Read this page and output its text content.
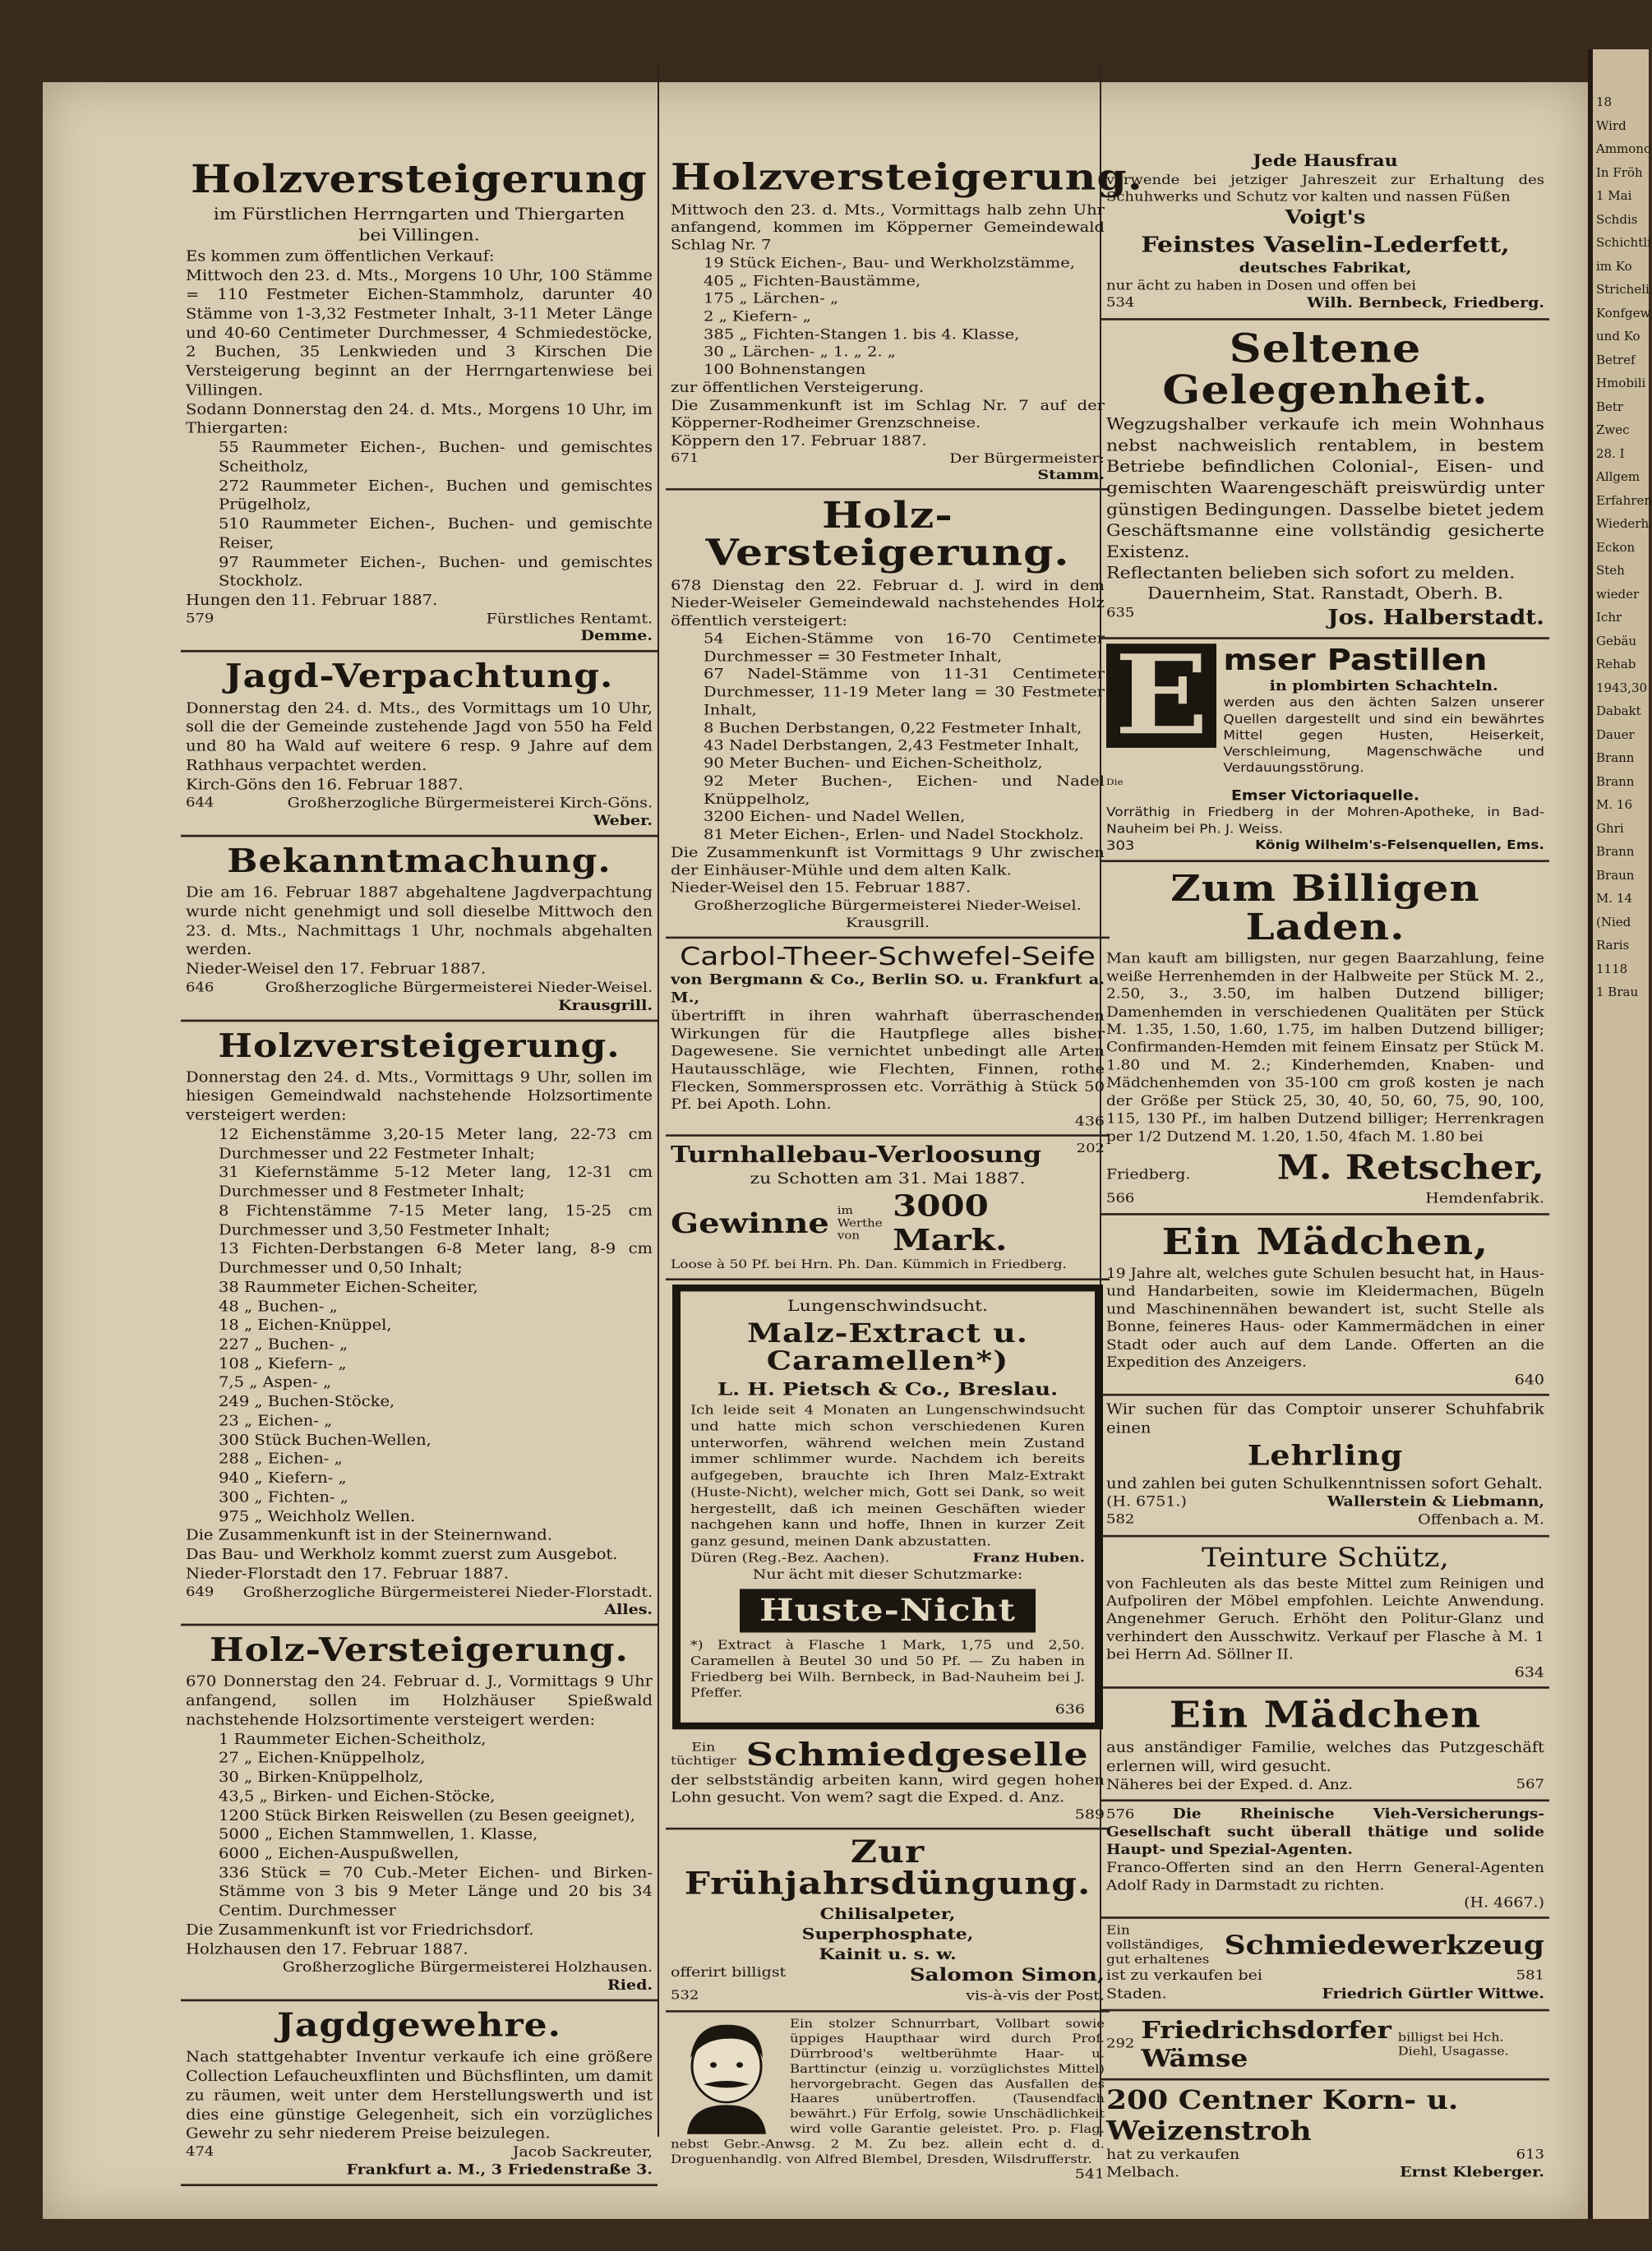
18
Wird
Ammonc
In Fröh
1 Mai
Schdis
Schichtli
im Ko
Stricheli
Konfgew
und Ko
Betref
Hmobili
Betr
Zwec
28. I
Allgem
Erfahren
Wiederh
Eckon
Steh
wieder
Ichr
Gebäu
Rehab
1943,30
Dabakt
Dauer
Brann
Brann
M. 16
Ghri
Brann
Braun
M. 14
(Nied
Raris
1118
1 Brau
Holzversteigerung
im Fürstlichen Herrngarten und Thiergarten
bei Villingen.
Es kommen zum öffentlichen Verkauf:
Mittwoch den 23. d. Mts., Morgens 10 Uhr, 100 Stämme = 110 Festmeter Eichen-Stammholz, darunter 40 Stämme von 1-3,32 Festmeter Inhalt, 3-11 Meter Länge und 40-60 Centimeter Durchmesser, 4 Schmiedestöcke, 2 Buchen, 35 Lenkwieden und 3 Kirschen Die Versteigerung beginnt an der Herrngartenwiese bei Villingen.
Sodann Donnerstag den 24. d. Mts., Morgens 10 Uhr, im Thiergarten:
55 Raummeter Eichen-, Buchen- und gemischtes Scheitholz,
272 Raummeter Eichen-, Buchen und gemischtes Prügelholz,
510 Raummeter Eichen-, Buchen- und gemischte Reiser,
97 Raummeter Eichen-, Buchen- und gemischtes Stockholz.
Hungen den 11. Februar 1887.
579	Fürstliches Rentamt.
Demme.
Jagd-Verpachtung.
Donnerstag den 24. d. Mts., des Vormittags um 10 Uhr, soll die der Gemeinde zustehende Jagd von 550 ha Feld und 80 ha Wald auf weitere 6 resp. 9 Jahre auf dem Rathhaus verpachtet werden.
Kirch-Göns den 16. Februar 1887.
644	Großherzogliche Bürgermeisterei Kirch-Göns.
Weber.
Bekanntmachung.
Die am 16. Februar 1887 abgehaltene Jagdverpachtung wurde nicht genehmigt und soll dieselbe Mittwoch den 23. d. Mts., Nachmittags 1 Uhr, nochmals abgehalten werden.
Nieder-Weisel den 17. Februar 1887.
646	Großherzogliche Bürgermeisterei Nieder-Weisel.
Krausgrill.
Holzversteigerung.
Donnerstag den 24. d. Mts., Vormittags 9 Uhr, sollen im hiesigen Gemeindwald nachstehende Holzsortimente versteigert werden:
12 Eichenstämme 3,20-15 Meter lang, 22-73 cm Durchmesser und 22 Festmeter Inhalt;
31 Kiefernstämme 5-12 Meter lang, 12-31 cm Durchmesser und 8 Festmeter Inhalt;
8 Fichtenstämme 7-15 Meter lang, 15-25 cm Durchmesser und 3,50 Festmeter Inhalt;
13 Fichten-Derbstangen 6-8 Meter lang, 8-9 cm Durchmesser und 0,50 Inhalt;
38 Raummeter Eichen-Scheiter,
48 „ Buchen- „
18 „ Eichen-Knüppel,
227 „ Buchen- „
108 „ Kiefern- „
7,5 „ Aspen- „
249 „ Buchen-Stöcke,
23 „ Eichen- „
300 Stück Buchen-Wellen,
288 „ Eichen- „
940 „ Kiefern- „
300 „ Fichten- „
975 „ Weichholz Wellen.
Die Zusammenkunft ist in der Steinernwand.
Das Bau- und Werkholz kommt zuerst zum Ausgebot.
Nieder-Florstadt den 17. Februar 1887.
649 Großherzogliche Bürgermeisterei Nieder-Florstadt.
Alles.
Holz-Versteigerung.
670 Donnerstag den 24. Februar d. J., Vormittags 9 Uhr anfangend, sollen im Holzhäuser Spießwald nachstehende Holzsortimente versteigert werden:
1 Raummeter Eichen-Scheitholz,
27 „ Eichen-Knüppelholz,
30 „ Birken-Knüppelholz,
43,5 „ Birken- und Eichen-Stöcke,
1200 Stück Birken Reiswellen (zu Besen geeignet),
5000 „ Eichen Stammwellen, 1. Klasse,
6000 „ Eichen-Auspußwellen,
336 Stück = 70 Cub.-Meter Eichen- und Birken-Stämme von 3 bis 9 Meter Länge und 20 bis 34 Centim. Durchmesser
Die Zusammenkunft ist vor Friedrichsdorf.
Holzhausen den 17. Februar 1887.
Großherzogliche Bürgermeisterei Holzhausen.
Ried.
Jagdgewehre.
Nach stattgehabter Inventur verkaufe ich eine größere Collection Lefaucheuxflinten und Büchsflinten, um damit zu räumen, weit unter dem Herstellungswerth und ist dies eine günstige Gelegenheit, sich ein vorzügliches Gewehr zu sehr niederem Preise beizulegen.
474	Jacob Sackreuter,
Frankfurt a. M., 3 Friedenstraße 3.
Holzversteigerung.
Mittwoch den 23. d. Mts., Vormittags halb zehn Uhr anfangend, kommen im Köpperner Gemeindewald Schlag Nr. 7
19 Stück Eichen-, Bau- und Werkholzstämme,
405 „ Fichten-Baustämme,
175 „ Lärchen- „
2 „ Kiefern- „
385 „ Fichten-Stangen 1. bis 4. Klasse,
30 „ Lärchen- „ 1. „ 2. „
100 Bohnenstangen
zur öffentlichen Versteigerung.
Die Zusammenkunft ist im Schlag Nr. 7 auf der Köpperner-Rodheimer Grenzschneise.
Köppern den 17. Februar 1887.
671	Der Bürgermeister:
Stamm.
Holz-Versteigerung.
678 Dienstag den 22. Februar d. J. wird in dem Nieder-Weiseler Gemeindewald nachstehendes Holz öffentlich versteigert:
54 Eichen-Stämme von 16-70 Centimeter Durchmesser = 30 Festmeter Inhalt,
67 Nadel-Stämme von 11-31 Centimeter Durchmesser, 11-19 Meter lang = 30 Festmeter Inhalt,
8 Buchen Derbstangen, 0,22 Festmeter Inhalt,
43 Nadel Derbstangen, 2,43 Festmeter Inhalt,
90 Meter Buchen- und Eichen-Scheitholz,
92 Meter Buchen-, Eichen- und Nadel Knüppelholz,
3200 Eichen- und Nadel Wellen,
81 Meter Eichen-, Erlen- und Nadel Stockholz.
Die Zusammenkunft ist Vormittags 9 Uhr zwischen der Einhäuser-Mühle und dem alten Kalk.
Nieder-Weisel den 15. Februar 1887.
Großherzogliche Bürgermeisterei Nieder-Weisel.
Krausgrill.
Carbol-Theer-Schwefel-Seife
von Bergmann & Co., Berlin SO. u. Frankfurt a. M.,
übertrifft in ihren wahrhaft überraschenden Wirkungen für die Hautpflege alles bisher Dagewesene. Sie vernichtet unbedingt alle Arten Hautausschläge, wie Flechten, Finnen, rothe Flecken, Sommersprossen etc. Vorräthig à Stück 50 Pf. bei Apoth. Lohn.
436
Turnhallebau-Verloosung 202
zu Schotten am 31. Mai 1887.
Gewinne im Werthe von
3000 Mark.
Loose à 50 Pf. bei Hrn. Ph. Dan. Kümmich in Friedberg.
Lungenschwindsucht.
Malz-Extract u. Caramellen*)
L. H. Pietsch & Co., Breslau.
Ich leide seit 4 Monaten an Lungenschwindsucht und hatte mich schon verschiedenen Kuren unterworfen, während welchen mein Zustand immer schlimmer wurde. Nachdem ich bereits aufgegeben, brauchte ich Ihren Malz-Extrakt (Huste-Nicht), welcher mich, Gott sei Dank, so weit hergestellt, daß ich meinen Geschäften wieder nachgehen kann und hoffe, Ihnen in kurzer Zeit ganz gesund, meinen Dank abzustatten.
Düren (Reg.-Bez. Aachen).	Franz Huben.
Nur ächt mit dieser Schutzmarke:
Huste-Nicht
*) Extract à Flasche 1 Mark, 1,75 und 2,50. Caramellen à Beutel 30 und 50 Pf. — Zu haben in Friedberg bei Wilh. Bernbeck, in Bad-Nauheim bei J. Pfeffer.
636
Ein
tüchtiger Schmiedgeselle
der selbstständig arbeiten kann, wird gegen hohen Lohn gesucht. Von wem? sagt die Exped. d. Anz.
589
Zur Frühjahrsdüngung.
Chilisalpeter,
Superphosphate,
Kainit u. s. w.
offerirt billigst	Salomon Simon,
532	vis-à-vis der Post.
Ein stolzer Schnurrbart, Vollbart sowie üppiges Haupthaar wird durch Prof. Dürrbrood's weltberühmte Haar- u. Barttinctur (einzig u. vorzüglichstes Mittel) hervorgebracht. Gegen das Ausfallen des Haares unübertroffen. (Tausendfach bewährt.) Für Erfolg, sowie Unschädlichkeit wird volle Garantie geleistet. Pro. p. Flag. nebst Gebr.-Anwsg. 2 M. Zu bez. allein echt d. d. Droguenhandlg. von Alfred Blembel, Dresden, Wilsdrufferstr.
541
Jede Hausfrau
verwende bei jetziger Jahreszeit zur Erhaltung des Schuhwerks und Schutz vor kalten und nassen Füßen
Voigt's
Feinstes Vaselin-Lederfett,
deutsches Fabrikat,
nur ächt zu haben in Dosen und offen bei
534	Wilh. Bernbeck, Friedberg.
Seltene Gelegenheit.
Wegzugshalber verkaufe ich mein Wohnhaus nebst nachweislich rentablem, in bestem Betriebe befindlichen Colonial-, Eisen- und gemischten Waarengeschäft preiswürdig unter günstigen Bedingungen. Dasselbe bietet jedem Geschäftsmanne eine vollständig gesicherte Existenz.
Reflectanten belieben sich sofort zu melden.
Dauernheim, Stat. Ranstadt, Oberh. B.
635	Jos. Halberstadt.
E mser Pastillen
in plombirten Schachteln.
werden aus den ächten Salzen unserer Quellen dargestellt und sind ein bewährtes Mittel gegen Husten, Heiserkeit, Verschleimung, Magenschwäche und Verdauungsstörung.
Die
Emser Victoriaquelle.
Vorräthig in Friedberg in der Mohren-Apotheke, in Bad-Nauheim bei Ph. J. Weiss.
303	König Wilhelm's-Felsenquellen, Ems.
Zum Billigen Laden.
Man kauft am billigsten, nur gegen Baarzahlung, feine weiße Herrenhemden in der Halbweite per Stück M. 2., 2.50, 3., 3.50, im halben Dutzend billiger; Damenhemden in verschiedenen Qualitäten per Stück M. 1.35, 1.50, 1.60, 1.75, im halben Dutzend billiger; Confirmanden-Hemden mit feinem Einsatz per Stück M. 1.80 und M. 2.; Kinderhemden, Knaben- und Mädchenhemden von 35-100 cm groß kosten je nach der Größe per Stück 25, 30, 40, 50, 60, 75, 90, 100, 115, 130 Pf., im halben Dutzend billiger; Herrenkragen per 1/2 Dutzend M. 1.20, 1.50, 4fach M. 1.80 bei
Friedberg. M. Retscher,
566	Hemdenfabrik.
Ein Mädchen,
19 Jahre alt, welches gute Schulen besucht hat, in Haus- und Handarbeiten, sowie im Kleidermachen, Bügeln und Maschinennähen bewandert ist, sucht Stelle als Bonne, feineres Haus- oder Kammermädchen in einer Stadt oder auch auf dem Lande. Offerten an die Expedition des Anzeigers.
640
Wir suchen für das Comptoir unserer Schuhfabrik einen
Lehrling
und zahlen bei guten Schulkenntnissen sofort Gehalt.
(H. 6751.)	Wallerstein & Liebmann,
582	Offenbach a. M.
Teinture Schütz,
von Fachleuten als das beste Mittel zum Reinigen und Aufpoliren der Möbel empfohlen. Leichte Anwendung. Angenehmer Geruch. Erhöht den Politur-Glanz und verhindert den Ausschwitz. Verkauf per Flasche à M. 1 bei Herrn Ad. Söllner II.
634
Ein Mädchen
aus anständiger Familie, welches das Putzgeschäft erlernen will, wird gesucht.
Näheres bei der Exped. d. Anz.	567
576	Die Rheinische Vieh-Versicherungs-Gesellschaft sucht überall thätige und solide Haupt- und Spezial-Agenten.
Franco-Offerten sind an den Herrn General-Agenten Adolf Rady in Darmstadt zu richten.
(H. 4667.)
Ein vollständiges,
gut erhaltenes Schmiedewerkzeug
ist zu verkaufen bei	581
Staden.	Friedrich Gürtler Wittwe.
292 Friedrichsdorfer Wämse
billigst bei Hch. Diehl, Usagasse.
200 Centner Korn- u. Weizenstroh
hat zu verkaufen	613
Melbach.	Ernst Kleberger.
